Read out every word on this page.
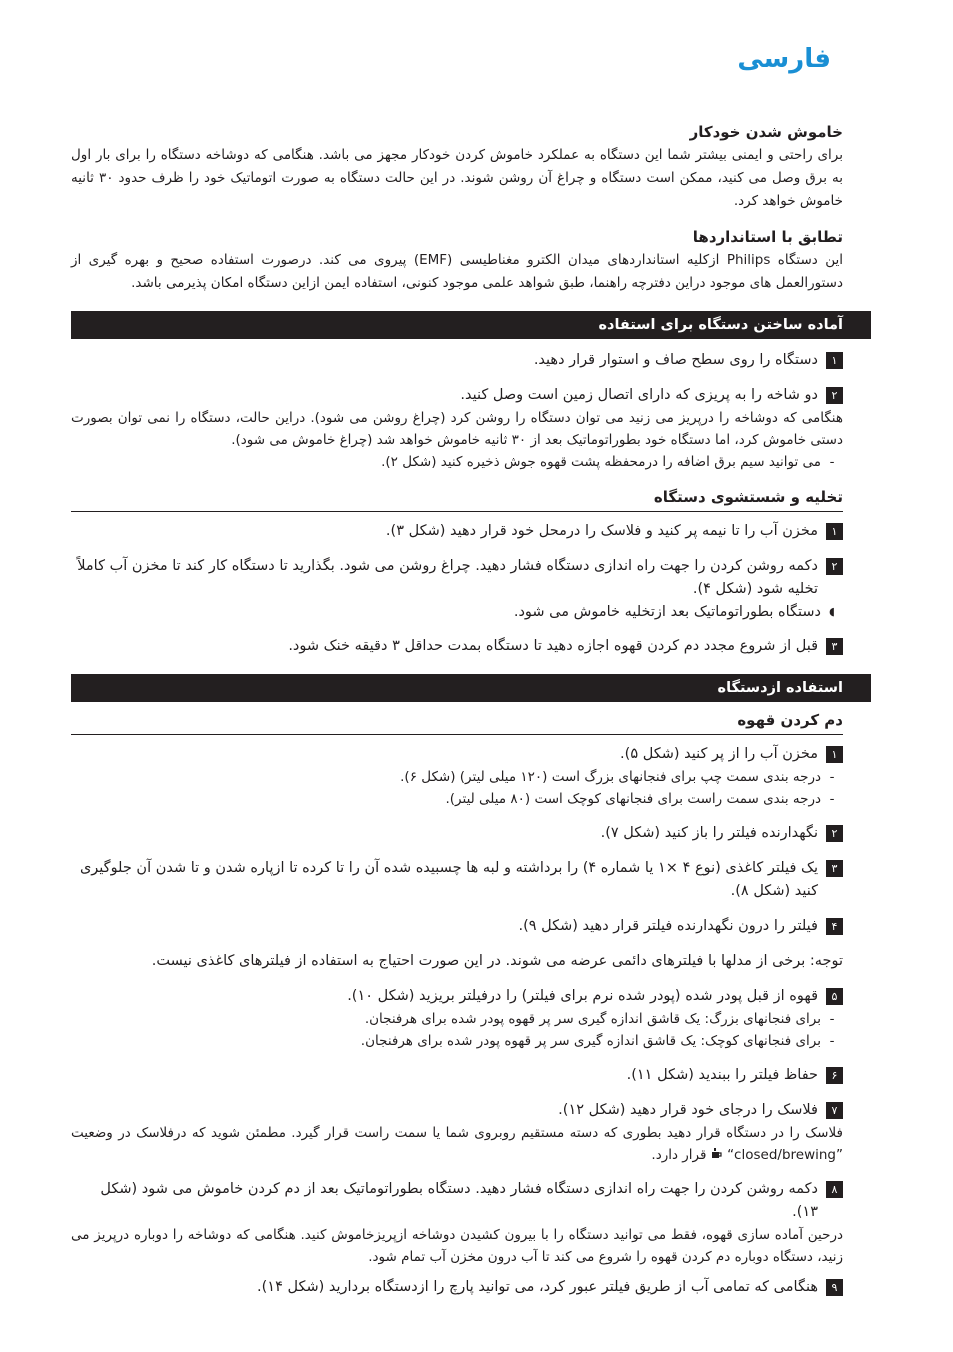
فارسی
خاموش شدن خودکار

برای راحتی و ایمنی بیشتر شما این دستگاه به عملکرد خاموش کردن خودکار مجهز می باشد. هنگامی که دوشاخه دستگاه را برای بار اول به برق وصل می کنید، ممکن است دستگاه و چراغ آن روشن شوند. در این حالت دستگاه به صورت اتوماتیک خود را ظرف حدود ۳۰ ثانیه خاموش خواهد کرد.

تطابق با استانداردها

این دستگاه Philips ازکلیه استانداردهای میدان الکترو مغناطیسی (EMF) پیروی می کند. درصورت استفاده صحیح و بهره گیری از دستورالعمل های موجود دراین دفترچه راهنما، طبق شواهد علمی موجود کنونی، استفاده ایمن ازاین دستگاه امکان پذیرمی باشد.

آماده ساختن دستگاه برای استفاده
۱
دستگاه را روی سطح صاف و استوار قرار دهید.
۲
دو شاخه را به پریزی که دارای اتصال زمین است وصل کنید.

هنگامی که دوشاخه را درپریز می زنید می توان دستگاه را روشن کرد (چراغ روشن می شود). دراین حالت، دستگاه را نمی توان بصورت دستی خاموش کرد، اما دستگاه خود بطوراتوماتیک بعد از ۳۰ ثانیه خاموش خواهد شد (چراغ خاموش می شود).

-
می توانید سیم برق اضافه را درمحفظه پشت قهوه جوش ذخیره کنید (شکل ۲).
تخلیه و شستشوی دستگاه
۱
مخزن آب را تا نیمه پر کنید و فلاسک را درمحل خود قرار دهید (شکل ۳).
۲
دکمه روشن کردن را جهت راه اندازی دستگاه فشار دهید. چراغ روشن می شود. بگذارید تا دستگاه کار کند تا مخزن آب کاملاً تخلیه شود (شکل ۴).
◖
دستگاه بطوراتوماتیک بعد ازتخلیه خاموش می شود.
۳
قبل از شروع مجدد دم کردن قهوه اجازه دهید تا دستگاه بمدت حداقل ۳ دقیقه خنک شود.
استفاده ازدستگاه
دم کردن قهوه
۱
مخزن آب را از پر کنید (شکل ۵).
-
درجه بندی سمت چپ برای فنجانهای بزرگ است (۱۲۰ میلی لیتر) (شکل ۶).
-
درجه بندی سمت راست برای فنجانهای کوچک است (۸۰ میلی لیتر).
۲
نگهدارنده فیلتر را باز کنید (شکل ۷).
۳
یک فیلتر کاغذی (نوع ۴ ×۱ یا شماره ۴) را برداشته و لبه ها چسبیده شده آن را تا کرده تا ازپاره شدن و تا شدن آن جلوگیری کنید (شکل ۸).
۴
فیلتر را درون نگهدارنده فیلتر قرار دهید (شکل ۹).

توجه: برخی از مدلها با فیلترهای دائمی عرضه می شوند. در این صورت احتیاج به استفاده از فیلترهای کاغذی نیست.

۵
قهوه از قبل پودر شده (پودر شده نرم برای فیلتر) را درفیلتر بریزید (شکل ۱۰).
-
برای فنجانهای بزرگ: یک قاشق اندازه گیری سر پر قهوه پودر شده برای هرفنجان.
-
برای فنجانهای کوچک: یک قاشق اندازه گیری سر پر قهوه پودر شده برای هرفنجان.
۶
حفاظ فیلتر را ببندید (شکل ۱۱).
۷
فلاسک را درجای خود قرار دهید (شکل ۱۲).

فلاسک را در دستگاه قرار دهید بطوری که دسته مستقیم روبروی شما یا سمت راست قرار گیرد. مطمئن شوید که درفلاسک در وضعیت “closed/brewing”  قرار دارد.

۸
دکمه روشن کردن را جهت راه اندازی دستگاه فشار دهید. دستگاه بطوراتوماتیک بعد از دم کردن خاموش می شود (شکل ۱۳).

درحین آماده سازی قهوه، فقط می توانید دستگاه را با بیرون کشیدن دوشاخه ازپریزخاموش کنید. هنگامی که دوشاخه را دوباره درپریز می زنید، دستگاه دوباره دم کردن قهوه را شروع می کند تا آب درون مخزن آب تمام شود.

۹
هنگامی که تمامی آب از طریق فیلتر عبور کرد، می توانید پارچ را ازدستگاه بردارید (شکل ۱۴).
